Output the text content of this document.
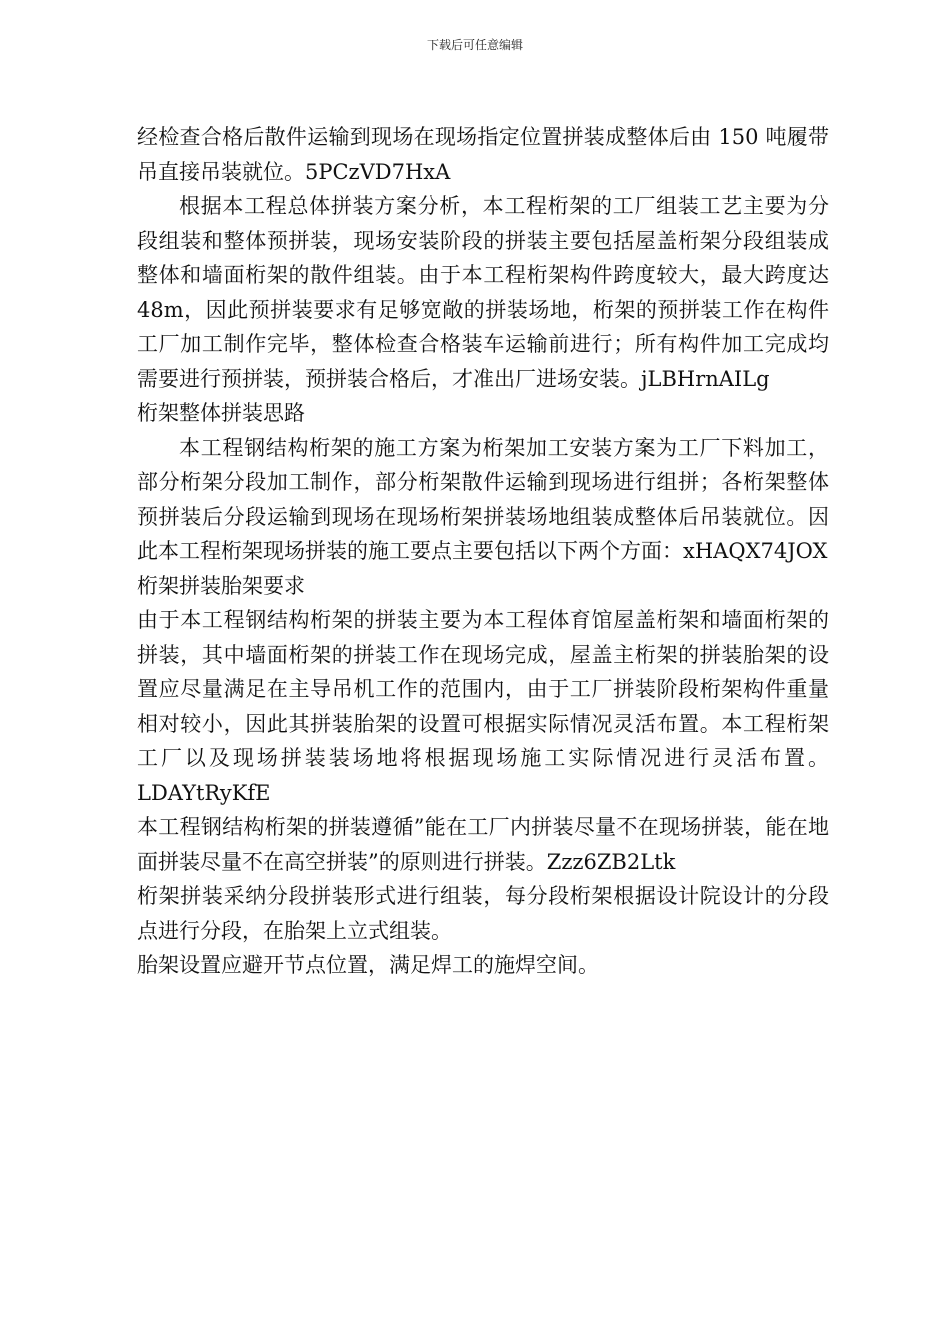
下载后可任意编辑

经检查合格后散件运输到现场在现场指定位置拼装成整体后由 150 吨履带吊直接吊装就位。5PCzVD7HxA

根据本工程总体拼装方案分析，本工程桁架的工厂组装工艺主要为分段组装和整体预拼装，现场安装阶段的拼装主要包括屋盖桁架分段组装成整体和墙面桁架的散件组装。由于本工程桁架构件跨度较大，最大跨度达 48m，因此预拼装要求有足够宽敞的拼装场地，桁架的预拼装工作在构件工厂加工制作完毕，整体检查合格装车运输前进行；所有构件加工完成均需要进行预拼装，预拼装合格后，才准出厂进场安装。jLBHrnAILg

桁架整体拼装思路

本工程钢结构桁架的施工方案为桁架加工安装方案为工厂下料加工，部分桁架分段加工制作，部分桁架散件运输到现场进行组拼；各桁架整体预拼装后分段运输到现场在现场桁架拼装场地组装成整体后吊装就位。因此本工程桁架现场拼装的施工要点主要包括以下两个方面：xHAQX74JOX

桁架拼装胎架要求

由于本工程钢结构桁架的拼装主要为本工程体育馆屋盖桁架和墙面桁架的拼装，其中墙面桁架的拼装工作在现场完成，屋盖主桁架的拼装胎架的设置应尽量满足在主导吊机工作的范围内，由于工厂拼装阶段桁架构件重量相对较小，因此其拼装胎架的设置可根据实际情况灵活布置。本工程桁架工厂以及现场拼装装场地将根据现场施工实际情况进行灵活布置。LDAYtRyKfE

本工程钢结构桁架的拼装遵循”能在工厂内拼装尽量不在现场拼装，能在地面拼装尽量不在高空拼装”的原则进行拼装。Zzz6ZB2Ltk

桁架拼装采纳分段拼装形式进行组装，每分段桁架根据设计院设计的分段点进行分段，在胎架上立式组装。

胎架设置应避开节点位置，满足焊工的施焊空间。
